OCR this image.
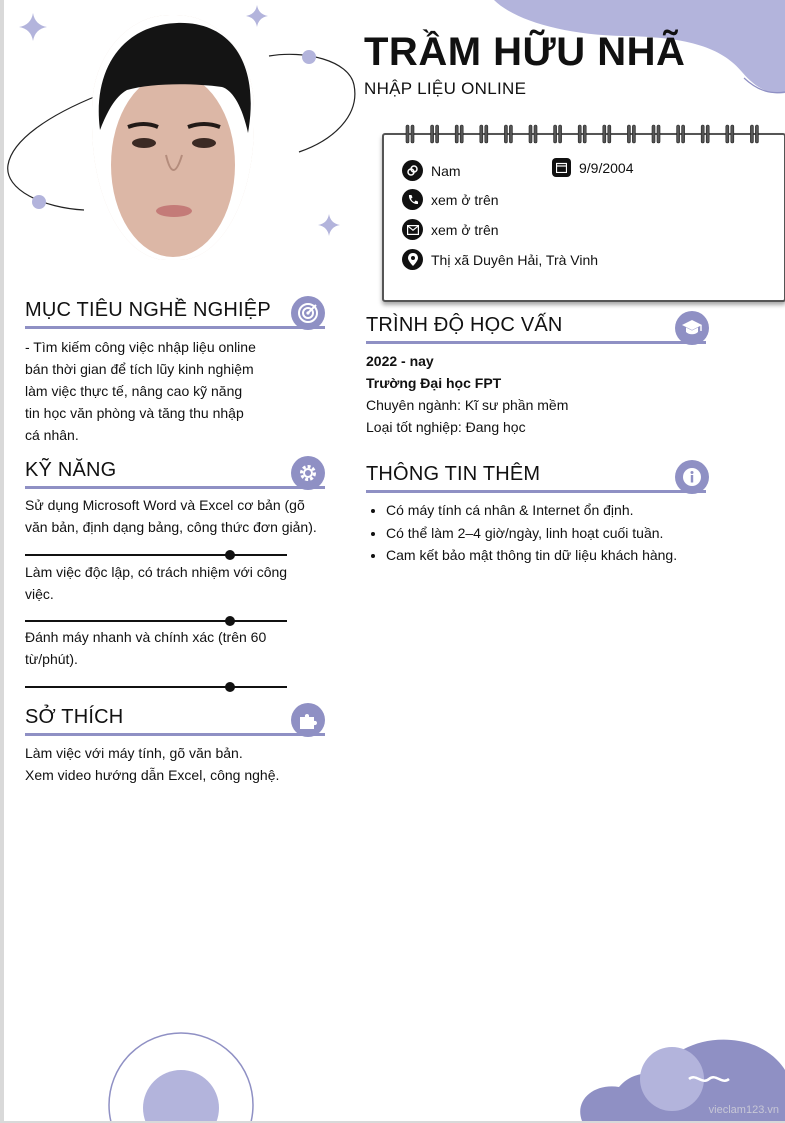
TRẦM HỮU NHÃ
NHẬP LIỆU ONLINE
Nam	9/9/2004
xem ở trên
xem ở trên
Thị xã Duyên Hải, Trà Vinh
MỤC TIÊU NGHỀ NGHIỆP
- Tìm kiếm công việc nhập liệu online
bán thời gian để tích lũy kinh nghiệm
làm việc thực tế, nâng cao kỹ năng
tin học văn phòng và tăng thu nhập
cá nhân.
KỸ NĂNG
Sử dụng Microsoft Word và Excel cơ bản (gõ
văn bản, định dạng bảng, công thức đơn giản).
Làm việc độc lập, có trách nhiệm với công
việc.
Đánh máy nhanh và chính xác (trên 60
từ/phút).
SỞ THÍCH
Làm việc với máy tính, gõ văn bản.
Xem video hướng dẫn Excel, công nghệ.
TRÌNH ĐỘ HỌC VẤN
2022 - nay
Trường Đại học FPT
Chuyên ngành: Kĩ sư phần mềm
Loại tốt nghiệp: Đang học
THÔNG TIN THÊM
• Có máy tính cá nhân & Internet ổn định.
• Có thể làm 2–4 giờ/ngày, linh hoạt cuối tuần.
• Cam kết bảo mật thông tin dữ liệu khách hàng.
vieclam123.vn
